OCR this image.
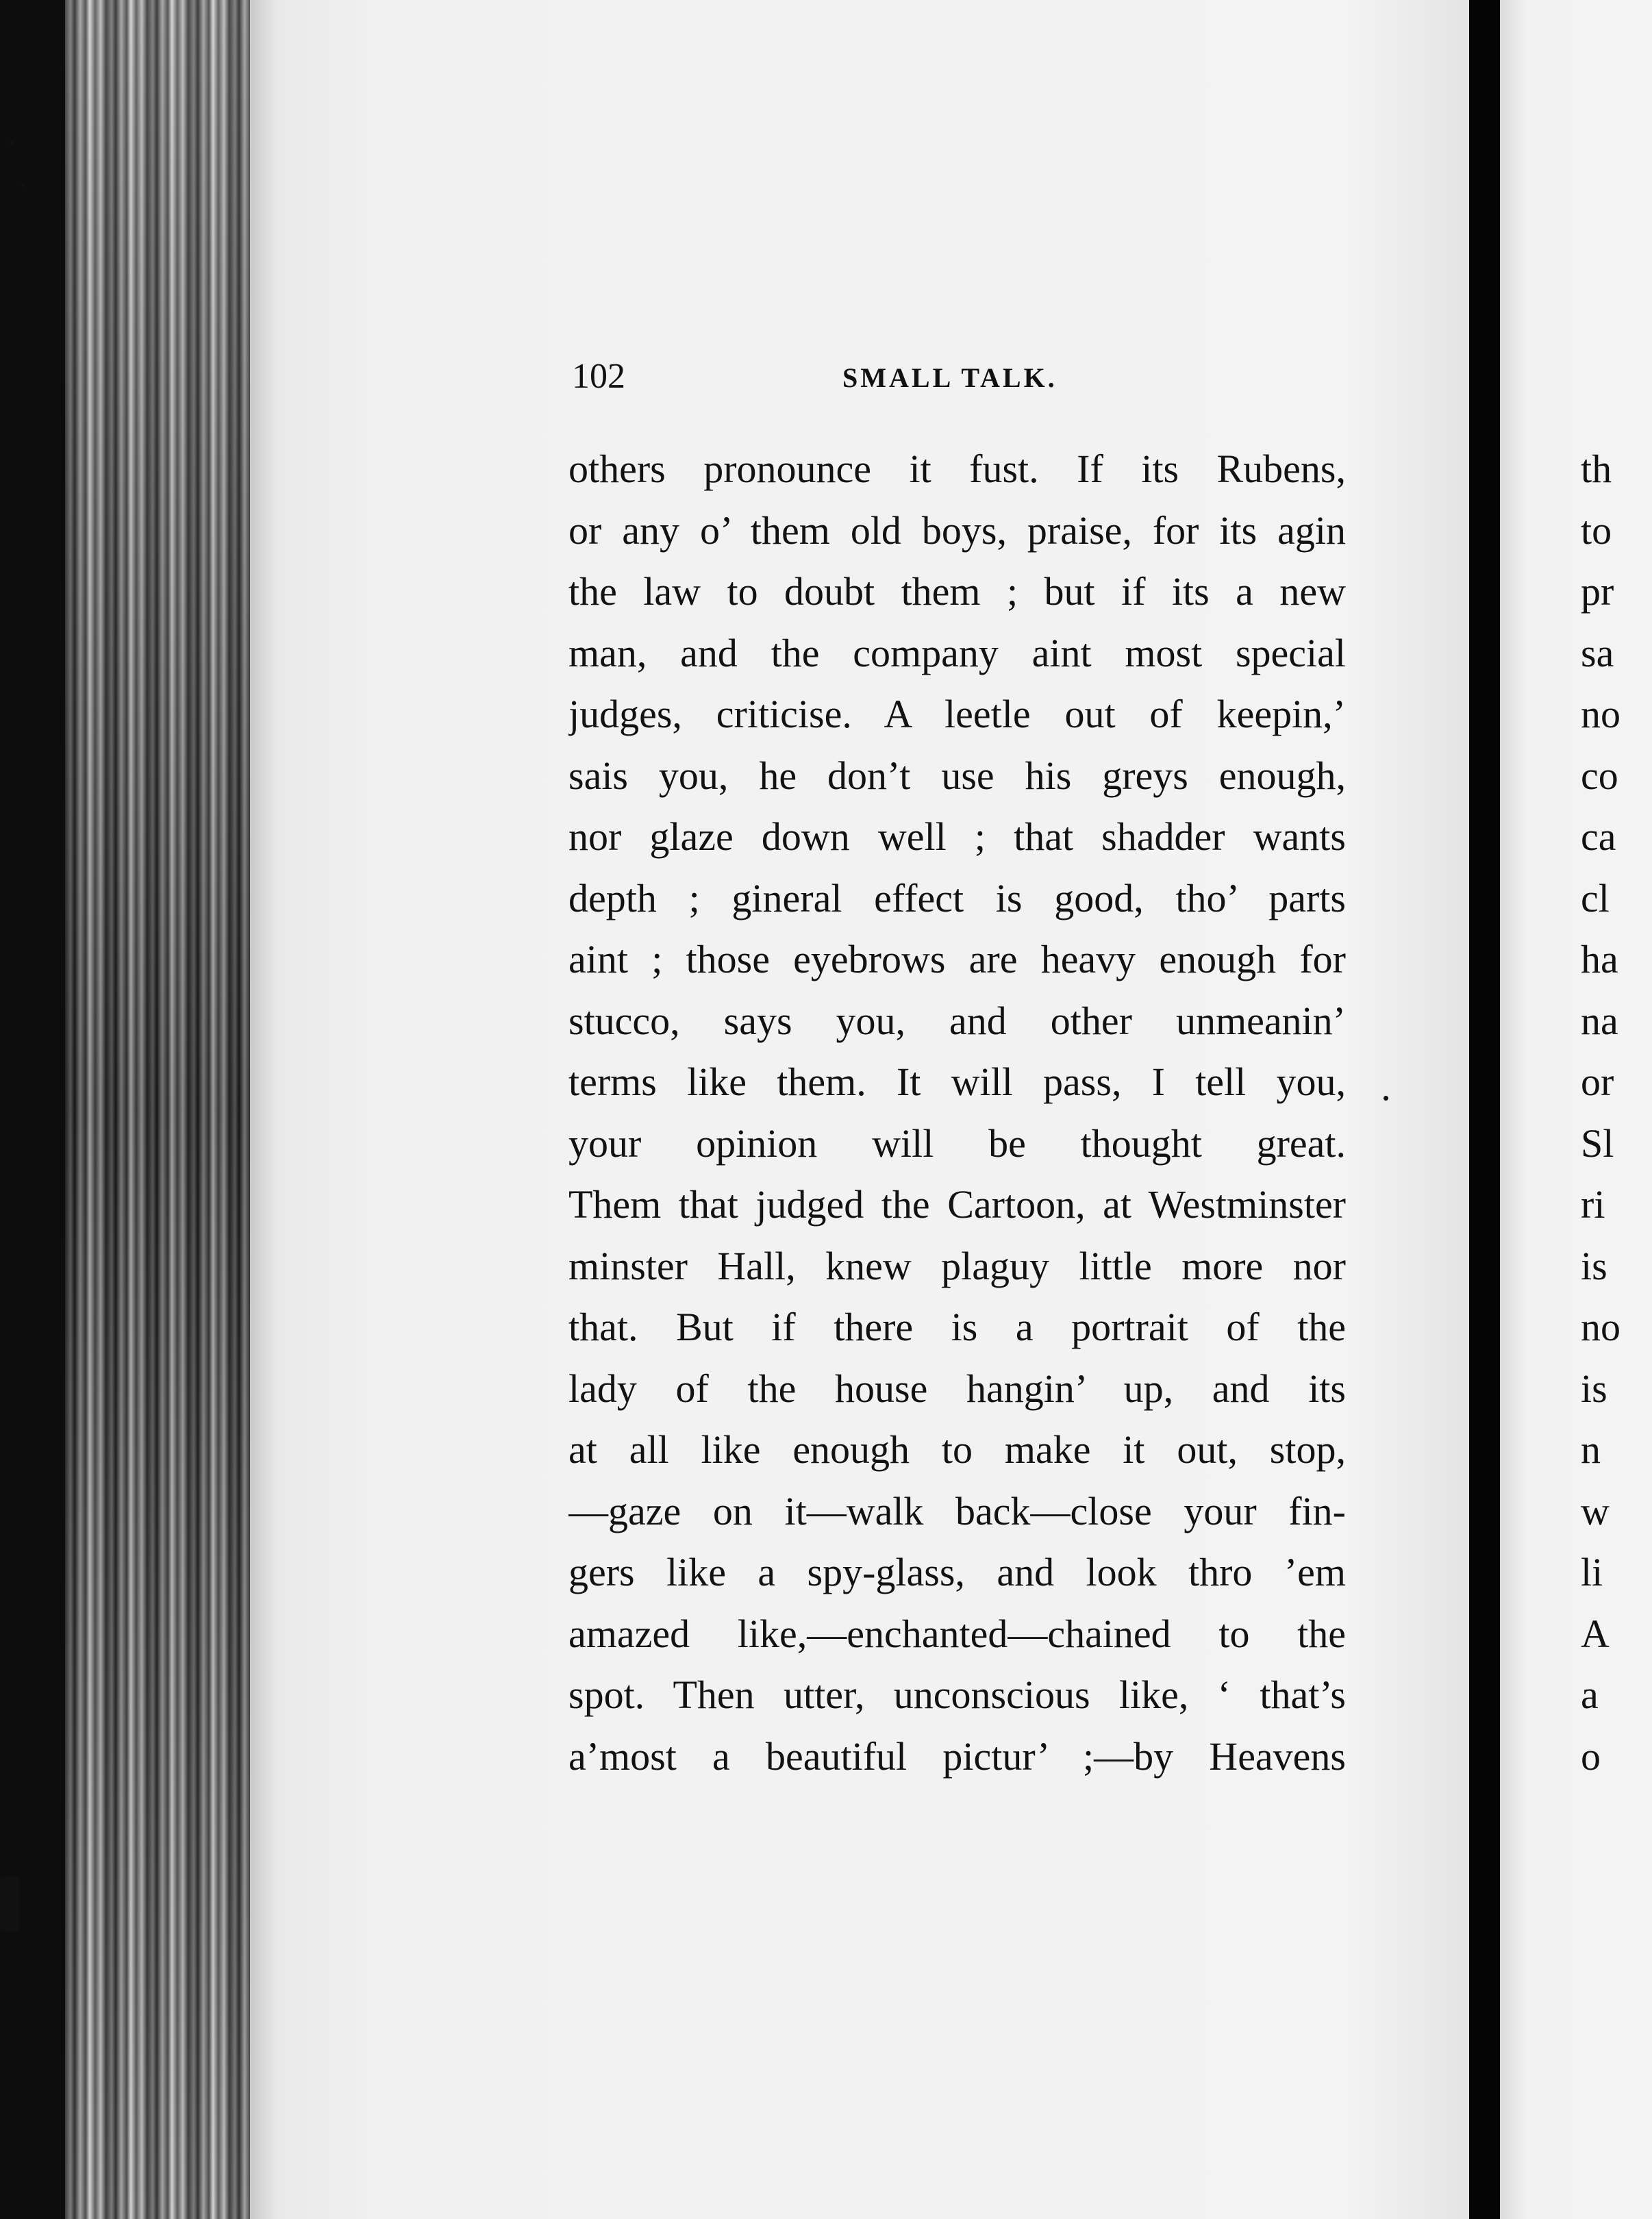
102	SMALL TALK.
others pronounce it fust. If its Rubens,
or any o’ them old boys, praise, for its agin
the law to doubt them ; but if its a new
man, and the company aint most special
judges, criticise. A leetle out of keepin,’
sais you, he don’t use his greys enough,
nor glaze down well ; that shadder wants
depth ; gineral effect is good, tho’ parts
aint ; those eyebrows are heavy enough for
stucco, says you, and other unmeanin’
terms like them. It will pass, I tell you,
your opinion will be thought great.
Them that judged the Cartoon, at Westminster
minster Hall, knew plaguy little more nor
that. But if there is a portrait of the
lady of the house hangin’ up, and its
at all like enough to make it out, stop,
—gaze on it—walk back—close your fin-
gers like a spy-glass, and look thro ’em
amazed like,—enchanted—chained to the
spot. Then utter, unconscious like, ‘ that’s
a’most a beautiful pictur’ ;—by Heavens
th
to
pr
sa
no
co
ca
cl
ha
na
or
Sl
ri
is
no
is
n
w
li
A
a
o
